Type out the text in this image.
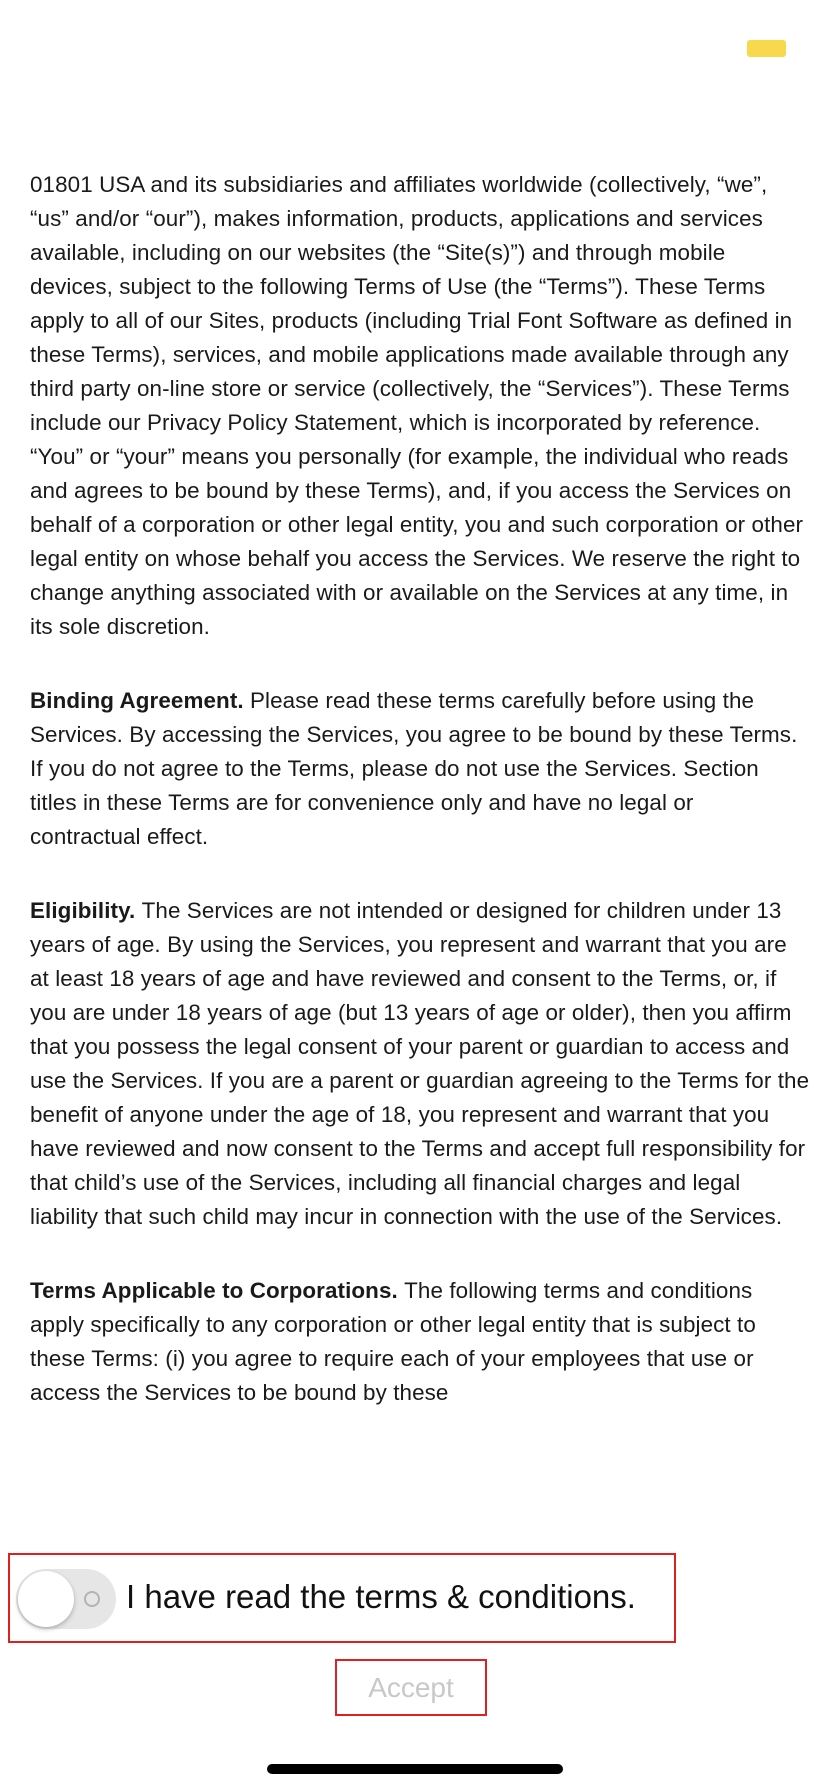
01801 USA and its subsidiaries and affiliates worldwide (collectively, “we”, “us” and/or “our”), makes information, products, applications and services available, including on our websites (the “Site(s)”) and through mobile devices, subject to the following Terms of Use (the “Terms”). These Terms apply to all of our Sites, products (including Trial Font Software as defined in these Terms), services, and mobile applications made available through any third party on-line store or service (collectively, the “Services”). These Terms include our Privacy Policy Statement, which is incorporated by reference. “You” or “your” means you personally (for example, the individual who reads and agrees to be bound by these Terms), and, if you access the Services on behalf of a corporation or other legal entity, you and such corporation or other legal entity on whose behalf you access the Services. We reserve the right to change anything associated with or available on the Services at any time, in its sole discretion.

Binding Agreement. Please read these terms carefully before using the Services. By accessing the Services, you agree to be bound by these Terms. If you do not agree to the Terms, please do not use the Services. Section titles in these Terms are for convenience only and have no legal or contractual effect.

Eligibility. The Services are not intended or designed for children under 13 years of age. By using the Services, you represent and warrant that you are at least 18 years of age and have reviewed and consent to the Terms, or, if you are under 18 years of age (but 13 years of age or older), then you affirm that you possess the legal consent of your parent or guardian to access and use the Services. If you are a parent or guardian agreeing to the Terms for the benefit of anyone under the age of 18, you represent and warrant that you have reviewed and now consent to the Terms and accept full responsibility for that child’s use of the Services, including all financial charges and legal liability that such child may incur in connection with the use of the Services.

Terms Applicable to Corporations. The following terms and conditions apply specifically to any corporation or other legal entity that is subject to these Terms: (i) you agree to require each of your employees that use or access the Services to be bound by these

I have read the terms & conditions.
Accept
